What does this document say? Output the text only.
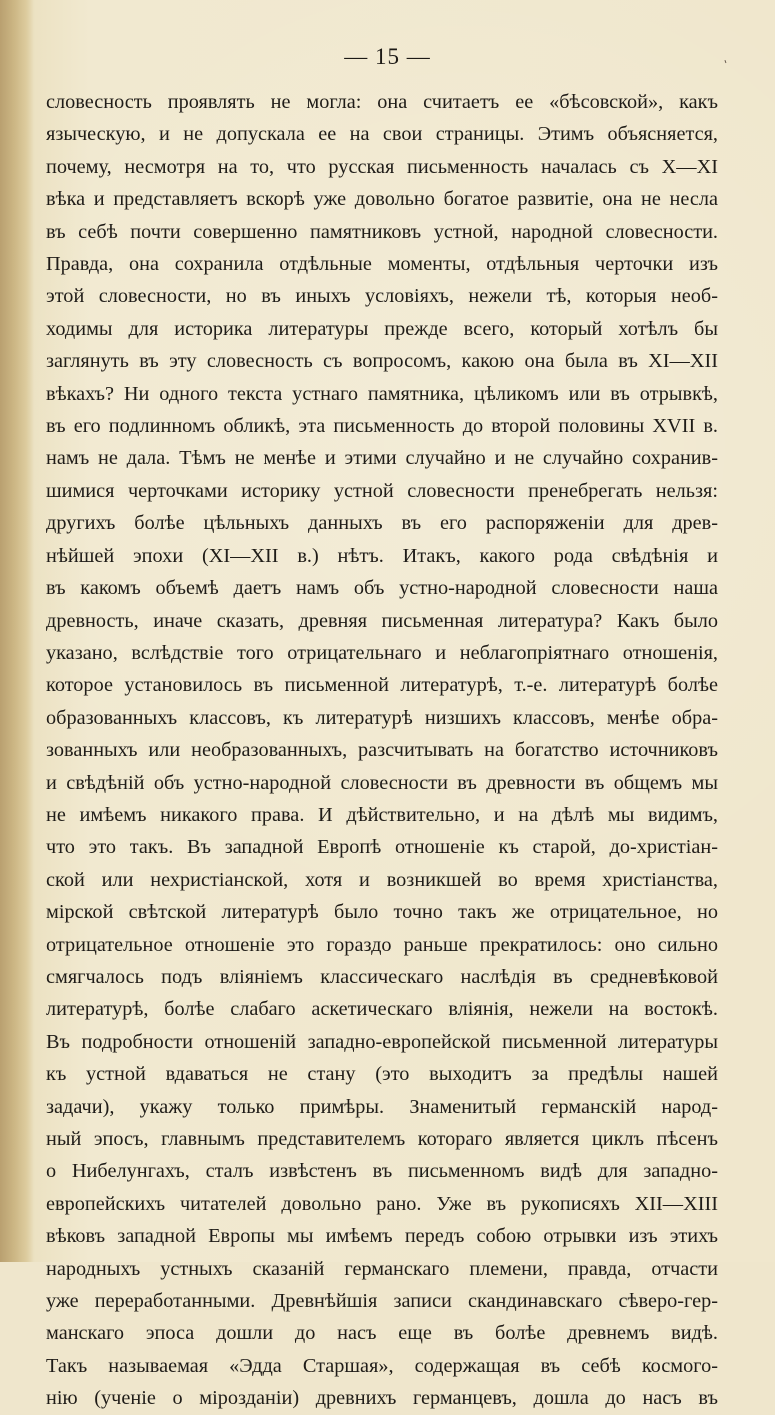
— 15 —	'
словесность проявлять не могла: она считаетъ ее «бѣсовской», какъ
языческую, и не допускала ее на свои страницы. Этимъ объясняется,
почему, несмотря на то, что русская письменность началась съ X—XI
вѣка и представляетъ вскорѣ уже довольно богатое развитіе, она не несла
въ себѣ почти совершенно памятниковъ устной, народной словесности.
Правда, она сохранила отдѣльные моменты, отдѣльныя черточки изъ
этой словесности, но въ иныхъ условіяхъ, нежели тѣ, которыя необ-
ходимы для историка литературы прежде всего, который хотѣлъ бы
заглянуть въ эту словесность съ вопросомъ, какою она была въ XI—XII
вѣкахъ? Ни одного текста устнаго памятника, цѣликомъ или въ отрывкѣ,
въ его подлинномъ обликѣ, эта письменность до второй половины XVII в.
намъ не дала. Тѣмъ не менѣе и этими случайно и не случайно сохранив-
шимися черточками историку устной словесности пренебрегать нельзя:
другихъ болѣе цѣльныхъ данныхъ въ его распоряженіи для древ-
нѣйшей эпохи (XI—XII в.) нѣтъ. Итакъ, какого рода свѣдѣнія и
въ какомъ объемѣ даетъ намъ объ устно-народной словесности наша
древность, иначе сказать, древняя письменная литература? Какъ было
указано, вслѣдствіе того отрицательнаго и неблагопріятнаго отношенія,
которое установилось въ письменной литературѣ, т.-е. литературѣ болѣе
образованныхъ классовъ, къ литературѣ низшихъ классовъ, менѣе обра-
зованныхъ или необразованныхъ, разсчитывать на богатство источниковъ
и свѣдѣній объ устно-народной словесности въ древности въ общемъ мы
не имѣемъ никакого права. И дѣйствительно, и на дѣлѣ мы видимъ,
что это такъ. Въ западной Европѣ отношеніе къ старой, до-христіан-
ской или нехристіанской, хотя и возникшей во время христіанства,
мірской свѣтской литературѣ было точно такъ же отрицательное, но
отрицательное отношеніе это гораздо раньше прекратилось: оно сильно
смягчалось подъ вліяніемъ классическаго наслѣдія въ средневѣковой
литературѣ, болѣе слабаго аскетическаго вліянія, нежели на востокѣ.
Въ подробности отношеній западно-европейской письменной литературы
къ устной вдаваться не стану (это выходитъ за предѣлы нашей
задачи), укажу только примѣры. Знаменитый германскій народ-
ный эпосъ, главнымъ представителемъ котораго является циклъ пѣсенъ
о Нибелунгахъ, сталъ извѣстенъ въ письменномъ видѣ для западно-
европейскихъ читателей довольно рано. Уже въ рукописяхъ XII—XIII
вѣковъ западной Европы мы имѣемъ передъ собою отрывки изъ этихъ
народныхъ устныхъ сказаній германскаго племени, правда, отчасти
уже переработанными. Древнѣйшія записи скандинавскаго сѣверо-гер-
манскаго эпоса дошли до насъ еще въ болѣе древнемъ видѣ.
Такъ называемая «Эдда Старшая», содержащая въ себѣ космого-
нію (ученіе о мірозданіи) древнихъ германцевъ, дошла до насъ въ
